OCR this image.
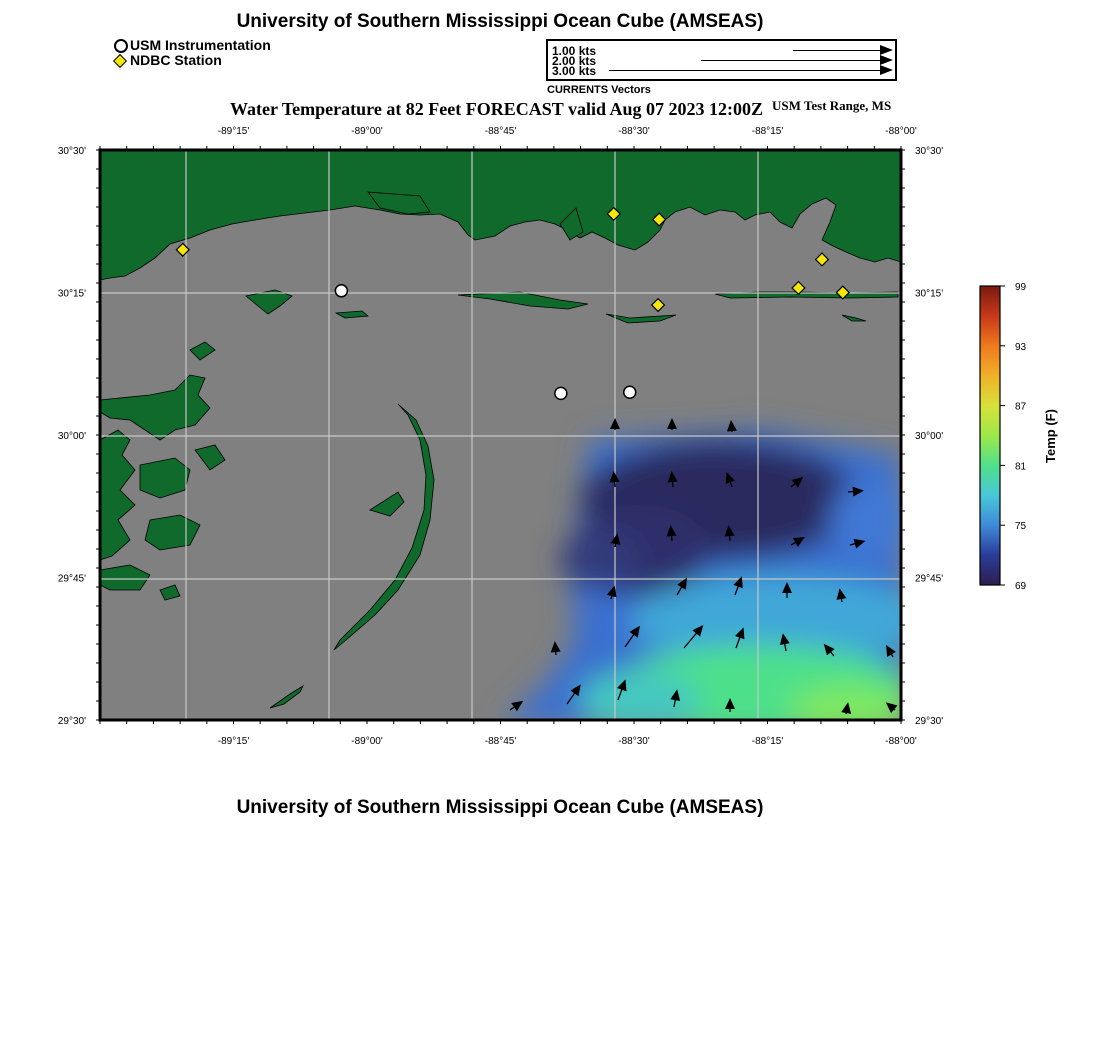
University of Southern Mississippi Ocean Cube (AMSEAS)
USM Instrumentation
NDBC Station
1.00 kts
2.00 kts
3.00 kts
CURRENTS Vectors
Water Temperature at 82 Feet FORECAST valid Aug 07 2023 12:00Z USM Test Range, MS
-89°15'
-89°15'
-89°00'
-89°00'
-88°45'
-88°45'
-88°30'
-88°30'
-88°15'
-88°15'
-88°00'
-88°00'
30°30'	30°30'
30°15'	30°15'
30°00'	30°00'
29°45'	29°45'
29°30'	29°30'
99
93
87
81
75
69
Temp (F)
University of Southern Mississippi Ocean Cube (AMSEAS)
